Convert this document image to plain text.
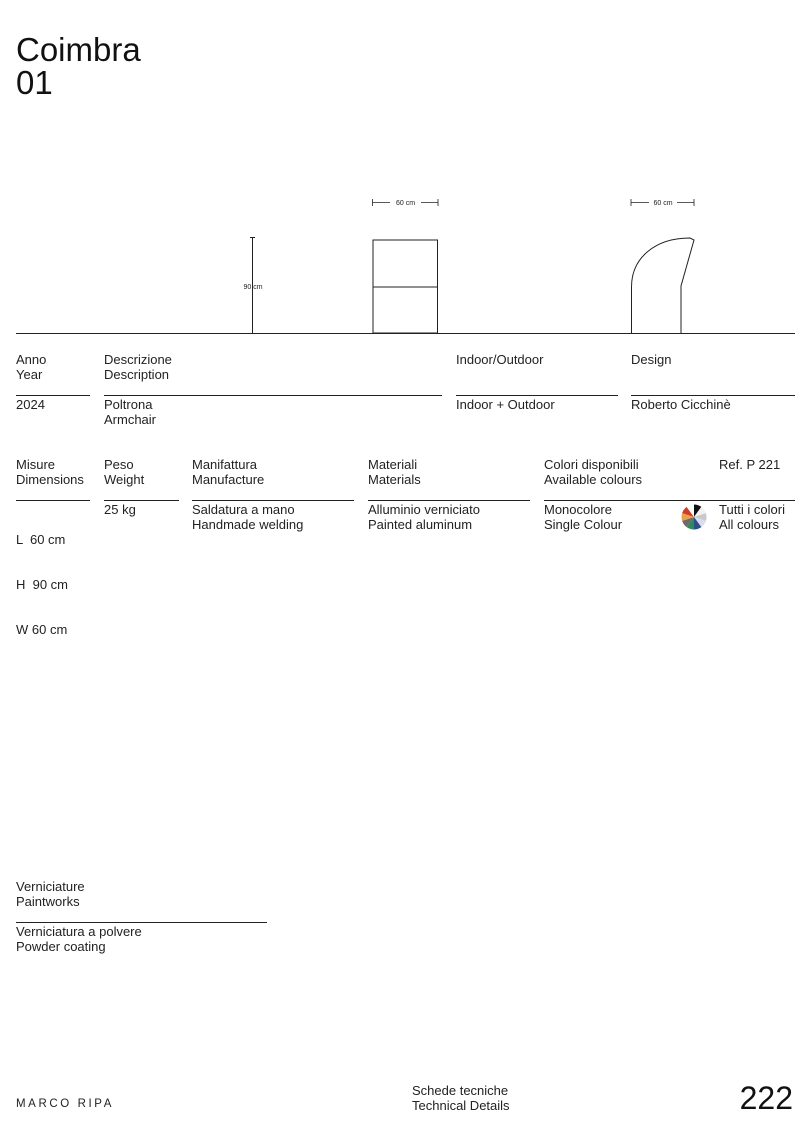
Coimbra
01
90 cm
60 cm	60 cm
Anno
Year
2024
Descrizione
Description
Poltrona
Armchair
Indoor/Outdoor
Indoor + Outdoor
Design
Roberto Cicchinè
Misure
Dimensions

L  60 cm

H  90 cm

W 60 cm

Peso
Weight
25 kg
Manifattura
Manufacture
Saldatura a mano
Handmade welding
Materiali
Materials
Alluminio verniciato
Painted aluminum
Colori disponibili
Available colours
Monocolore
Single Colour
Ref. P 221
Tutti i colori
All colours
Verniciature
Paintworks
Verniciatura a polvere
Powder coating
MARCO RIPA
Schede tecniche
Technical Details	222
